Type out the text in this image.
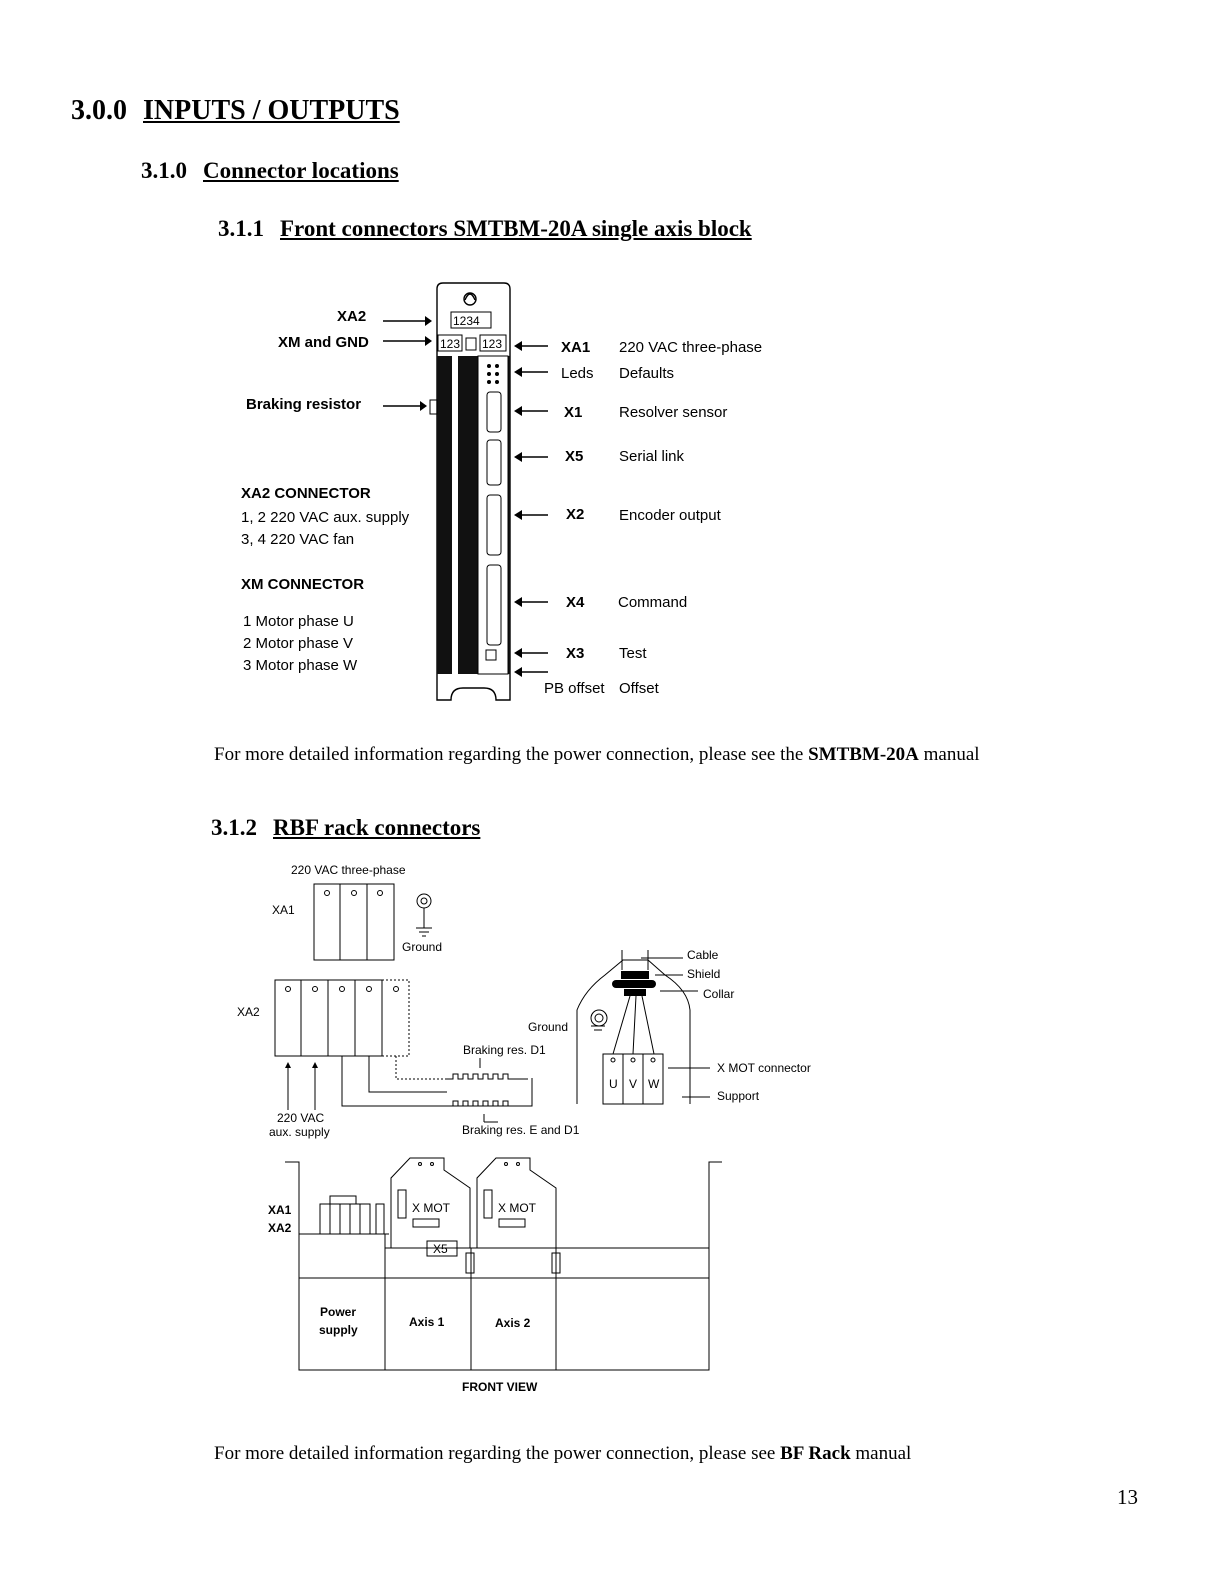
3.0.0 INPUTS / OUTPUTS
3.1.0 Connector locations
3.1.1 Front connectors SMTBM-20A single axis block
3.1.2 RBF rack connectors
1234
123 123
XA2
XM and GND
Braking resistor
XA2 CONNECTOR
1, 2 220 VAC aux. supply
3, 4 220 VAC fan
XM CONNECTOR
1 Motor phase U
2 Motor phase V
3 Motor phase W
XA1 220 VAC three-phase
Leds Defaults
X1 Resolver sensor
X5 Serial link
X2 Encoder output
X4 Command
X3 Test
PB offset Offset
220 VAC three-phase
XA1
Ground
XA2
220 VAC
aux. supply
Braking res. D1
Braking res. E and D1
Ground
U V W
Cable
Shield
Collar
X MOT connector
Support
XA1
XA2
X MOT
X5
X MOT
Power
supply
Axis 1	Axis 2
FRONT VIEW
For more detailed information regarding the power connection, please see the SMTBM-20A manual
For more detailed information regarding the power connection, please see BF Rack manual
13
